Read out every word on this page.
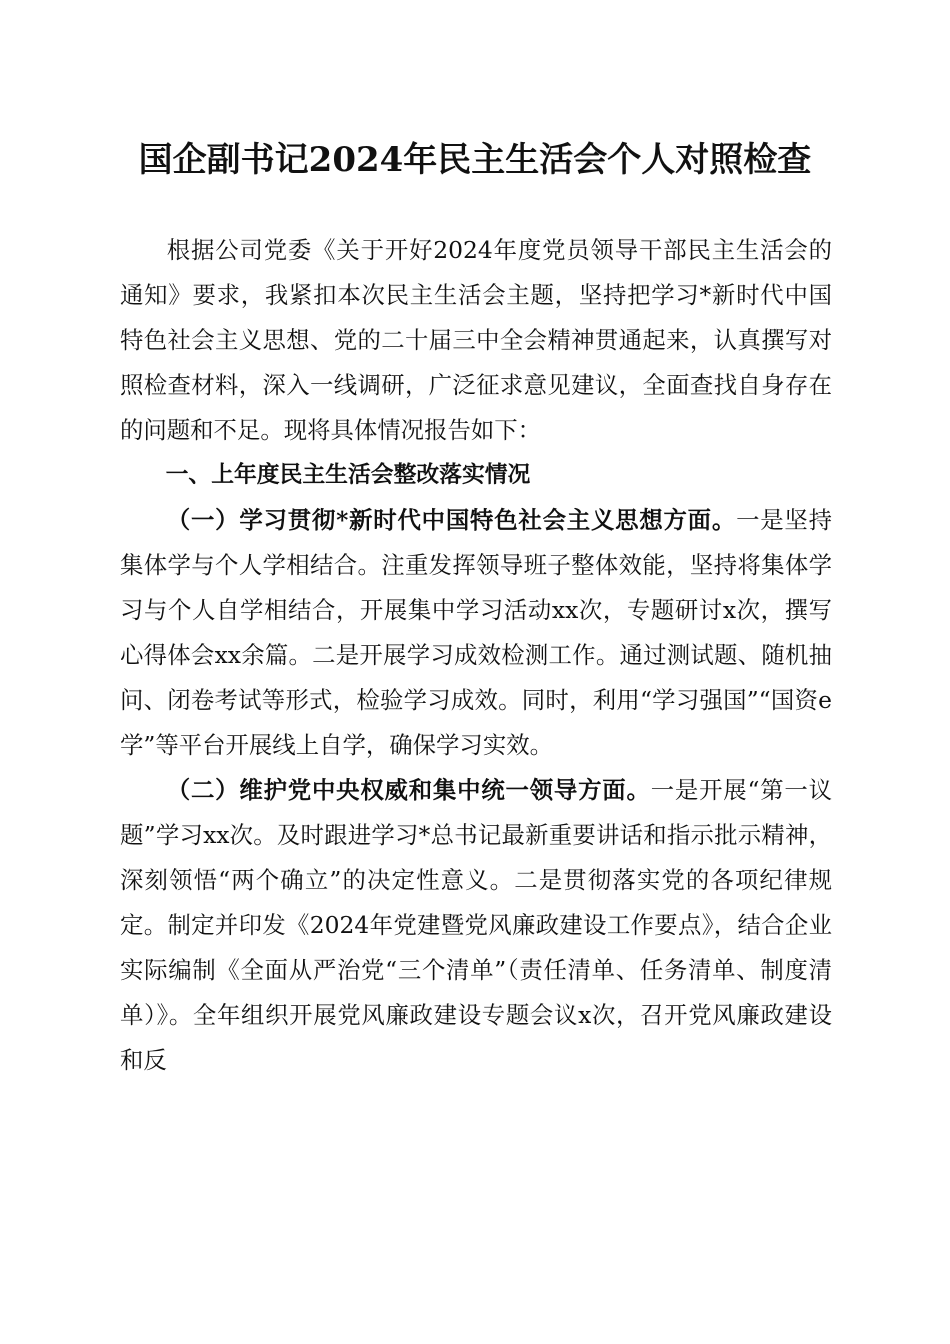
国企副书记2024年民主生活会个人对照检查

根据公司党委《关于开好2024年度党员领导干部民主生活会的通知》要求，我紧扣本次民主生活会主题，坚持把学习*新时代中国特色社会主义思想、党的二十届三中全会精神贯通起来，认真撰写对照检查材料，深入一线调研，广泛征求意见建议，全面查找自身存在的问题和不足。现将具体情况报告如下：

一、上年度民主生活会整改落实情况

（一）学习贯彻*新时代中国特色社会主义思想方面。一是坚持集体学与个人学相结合。注重发挥领导班子整体效能，坚持将集体学习与个人自学相结合，开展集中学习活动xx次，专题研讨x次，撰写心得体会xx余篇。二是开展学习成效检测工作。通过测试题、随机抽问、闭卷考试等形式，检验学习成效。同时，利用“学习强国”“国资e学”等平台开展线上自学，确保学习实效。

（二）维护党中央权威和集中统一领导方面。一是开展“第一议题”学习xx次。及时跟进学习*总书记最新重要讲话和指示批示精神，深刻领悟“两个确立”的决定性意义。二是贯彻落实党的各项纪律规定。制定并印发《2024年党建暨党风廉政建设工作要点》，结合企业实际编制《全面从严治党“三个清单”（责任清单、任务清单、制度清单）》。全年组织开展党风廉政建设专题会议x次，召开党风廉政建设和反
